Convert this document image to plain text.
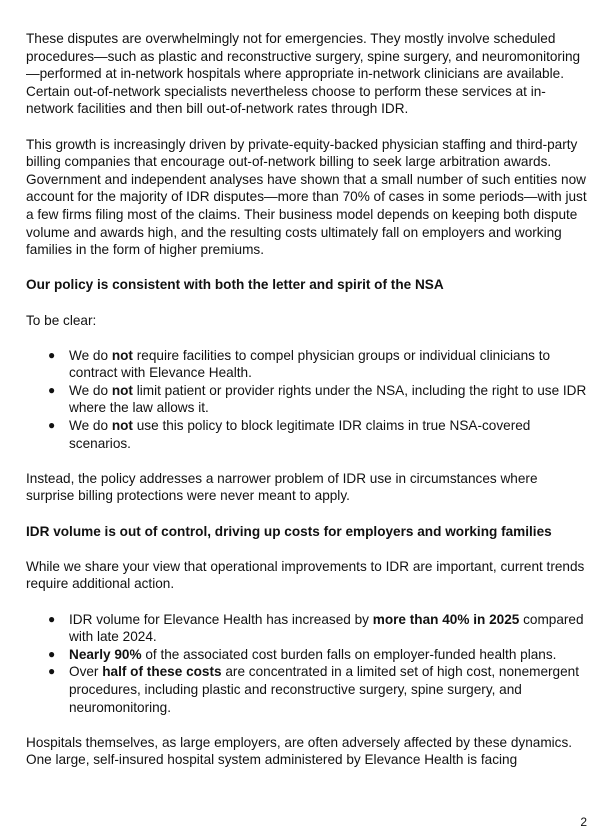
These disputes are overwhelmingly not for emergencies. They mostly involve scheduled procedures—such as plastic and reconstructive surgery, spine surgery, and neuromonitoring—performed at in-network hospitals where appropriate in-network clinicians are available. Certain out-of-network specialists nevertheless choose to perform these services at in-network facilities and then bill out-of-network rates through IDR.

This growth is increasingly driven by private-equity-backed physician staffing and third-party billing companies that encourage out-of-network billing to seek large arbitration awards. Government and independent analyses have shown that a small number of such entities now account for the majority of IDR disputes—more than 70% of cases in some periods—with just a few firms filing most of the claims. Their business model depends on keeping both dispute volume and awards high, and the resulting costs ultimately fall on employers and working families in the form of higher premiums.

Our policy is consistent with both the letter and spirit of the NSA

To be clear:

● We do not require facilities to compel physician groups or individual clinicians to contract with Elevance Health.
● We do not limit patient or provider rights under the NSA, including the right to use IDR where the law allows it.
● We do not use this policy to block legitimate IDR claims in true NSA-covered scenarios.

Instead, the policy addresses a narrower problem of IDR use in circumstances where surprise billing protections were never meant to apply.

IDR volume is out of control, driving up costs for employers and working families

While we share your view that operational improvements to IDR are important, current trends require additional action.

● IDR volume for Elevance Health has increased by more than 40% in 2025 compared with late 2024.
● Nearly 90% of the associated cost burden falls on employer-funded health plans.
● Over half of these costs are concentrated in a limited set of high cost, nonemergent procedures, including plastic and reconstructive surgery, spine surgery, and neuromonitoring.

Hospitals themselves, as large employers, are often adversely affected by these dynamics. One large, self-insured hospital system administered by Elevance Health is facing

2
